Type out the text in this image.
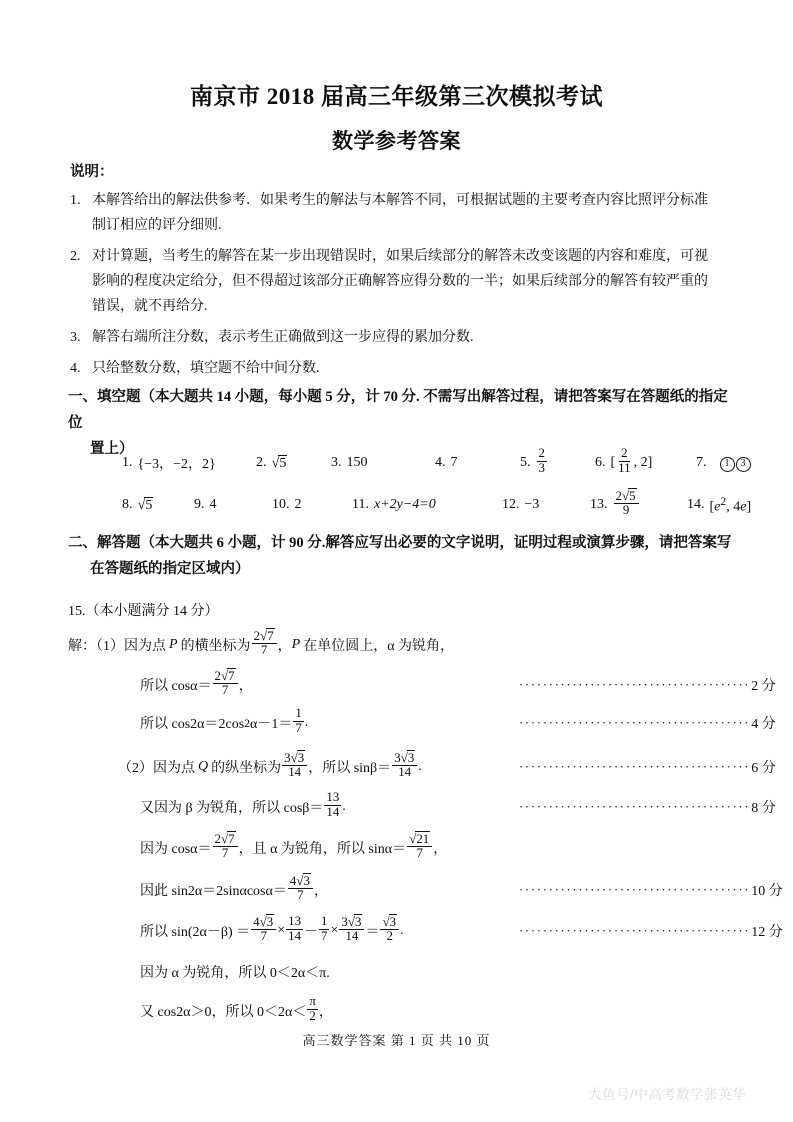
南京市 2018 届高三年级第三次模拟考试
数学参考答案
说明：
1. 本解答给出的解法供参考．如果考生的解法与本解答不同，可根据试题的主要考查内容比照评分标准
制订相应的评分细则.
2. 对计算题，当考生的解答在某一步出现错误时，如果后续部分的解答未改变该题的内容和难度，可视
影响的程度决定给分，但不得超过该部分正确解答应得分数的一半；如果后续部分的解答有较严重的
错误，就不再给分.
3. 解答右端所注分数，表示考生正确做到这一步应得的累加分数.
4. 只给整数分数，填空题不给中间分数.
一、填空题（本大题共 14 小题，每小题 5 分，计 70 分. 不需写出解答过程，请把答案写在答题纸的指定位
置上）
1. {−3，−2，2}	2. √5	3. 150	4. 7	5. $\frac{2}{3}$	6. [ $\frac{2}{11}$ , 2]	7.	1 3
8. √5	9. 4	10. 2	11. x+2y−4=0	12. −3	13. $\frac{2√5}{9}$	14. [$e^2$, 4e]
二、解答题（本大题共 6 小题，计 90 分.解答应写出必要的文字说明，证明过程或演算步骤，请把答案写
在答题纸的指定区域内）
15.（本小题满分 14 分）
解：（1）因为点 P 的横坐标为 $\frac{2√7}{7}$ ， P 在单位圆上，α 为锐角，
所以 $\cos\alpha= \frac{2√7}{7}$ ，	······································· 2 分
所以 cos2α＝2cos 2 $\alpha-1= \frac{1}{7}$ .	······································· 4 分
（2）因为点 Q 的纵坐标为 $\frac{3√3}{14}$ ，所以 $\sin\beta= \frac{3√3}{14}$ .	······································· 6 分
又因为 β 为锐角，所以 $\cos\beta= \frac{13}{14}$ .	······································· 8 分
因为 $\cos\alpha= \frac{2√7}{7}$ ，且 α 为锐角，所以 $\sin\alpha= \frac{√21}{7}$ ，
因此 $\sin 2\alpha=2\sin\alpha\cos\alpha= \frac{4√3}{7}$ ，	······································· 10 分
所以 $\sin(2\alpha-\beta) = \frac{4√3}{7} \times \frac{13}{14} - \frac{1}{7} \times \frac{3√3}{14} = \frac{√3}{2}$ .	······································· 12 分
因为 α 为锐角，所以 0＜2α＜π.
又 cos2α＞0，所以 $0<2\alpha< \frac{\pi}{2}$ ，
高三数学答案 第 1 页 共 10 页
大鱼号/中高考数学张英华
